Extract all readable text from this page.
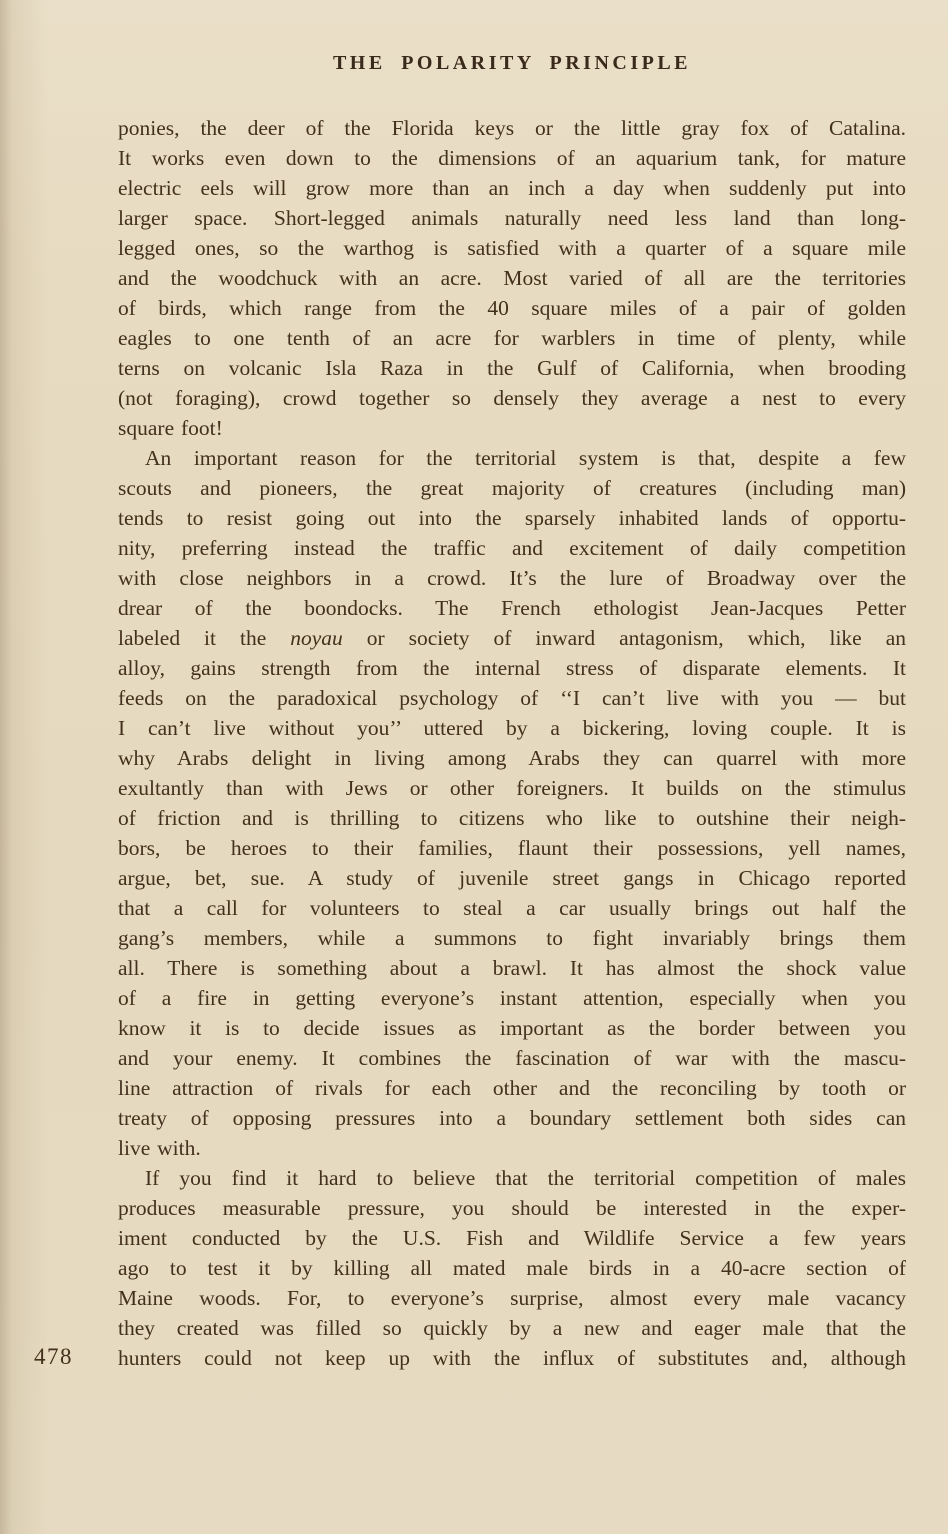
THE POLARITY PRINCIPLE
ponies, the deer of the Florida keys or the little gray fox of Catalina.
It works even down to the dimensions of an aquarium tank, for mature
electric eels will grow more than an inch a day when suddenly put into
larger space. Short-legged animals naturally need less land than long-
legged ones, so the warthog is satisfied with a quarter of a square mile
and the woodchuck with an acre. Most varied of all are the territories
of birds, which range from the 40 square miles of a pair of golden
eagles to one tenth of an acre for warblers in time of plenty, while
terns on volcanic Isla Raza in the Gulf of California, when brooding
(not foraging), crowd together so densely they average a nest to every
square foot!
An important reason for the territorial system is that, despite a few
scouts and pioneers, the great majority of creatures (including man)
tends to resist going out into the sparsely inhabited lands of opportu-
nity, preferring instead the traffic and excitement of daily competition
with close neighbors in a crowd. It’s the lure of Broadway over the
drear of the boondocks. The French ethologist Jean-Jacques Petter
labeled it the noyau or society of inward antagonism, which, like an
alloy, gains strength from the internal stress of disparate elements. It
feeds on the paradoxical psychology of ‘‘I can’t live with you — but
I can’t live without you’’ uttered by a bickering, loving couple. It is
why Arabs delight in living among Arabs they can quarrel with more
exultantly than with Jews or other foreigners. It builds on the stimulus
of friction and is thrilling to citizens who like to outshine their neigh-
bors, be heroes to their families, flaunt their possessions, yell names,
argue, bet, sue. A study of juvenile street gangs in Chicago reported
that a call for volunteers to steal a car usually brings out half the
gang’s members, while a summons to fight invariably brings them
all. There is something about a brawl. It has almost the shock value
of a fire in getting everyone’s instant attention, especially when you
know it is to decide issues as important as the border between you
and your enemy. It combines the fascination of war with the mascu-
line attraction of rivals for each other and the reconciling by tooth or
treaty of opposing pressures into a boundary settlement both sides can
live with.
If you find it hard to believe that the territorial competition of males
produces measurable pressure, you should be interested in the exper-
iment conducted by the U.S. Fish and Wildlife Service a few years
ago to test it by killing all mated male birds in a 40-acre section of
Maine woods. For, to everyone’s surprise, almost every male vacancy
they created was filled so quickly by a new and eager male that the
hunters could not keep up with the influx of substitutes and, although
478
